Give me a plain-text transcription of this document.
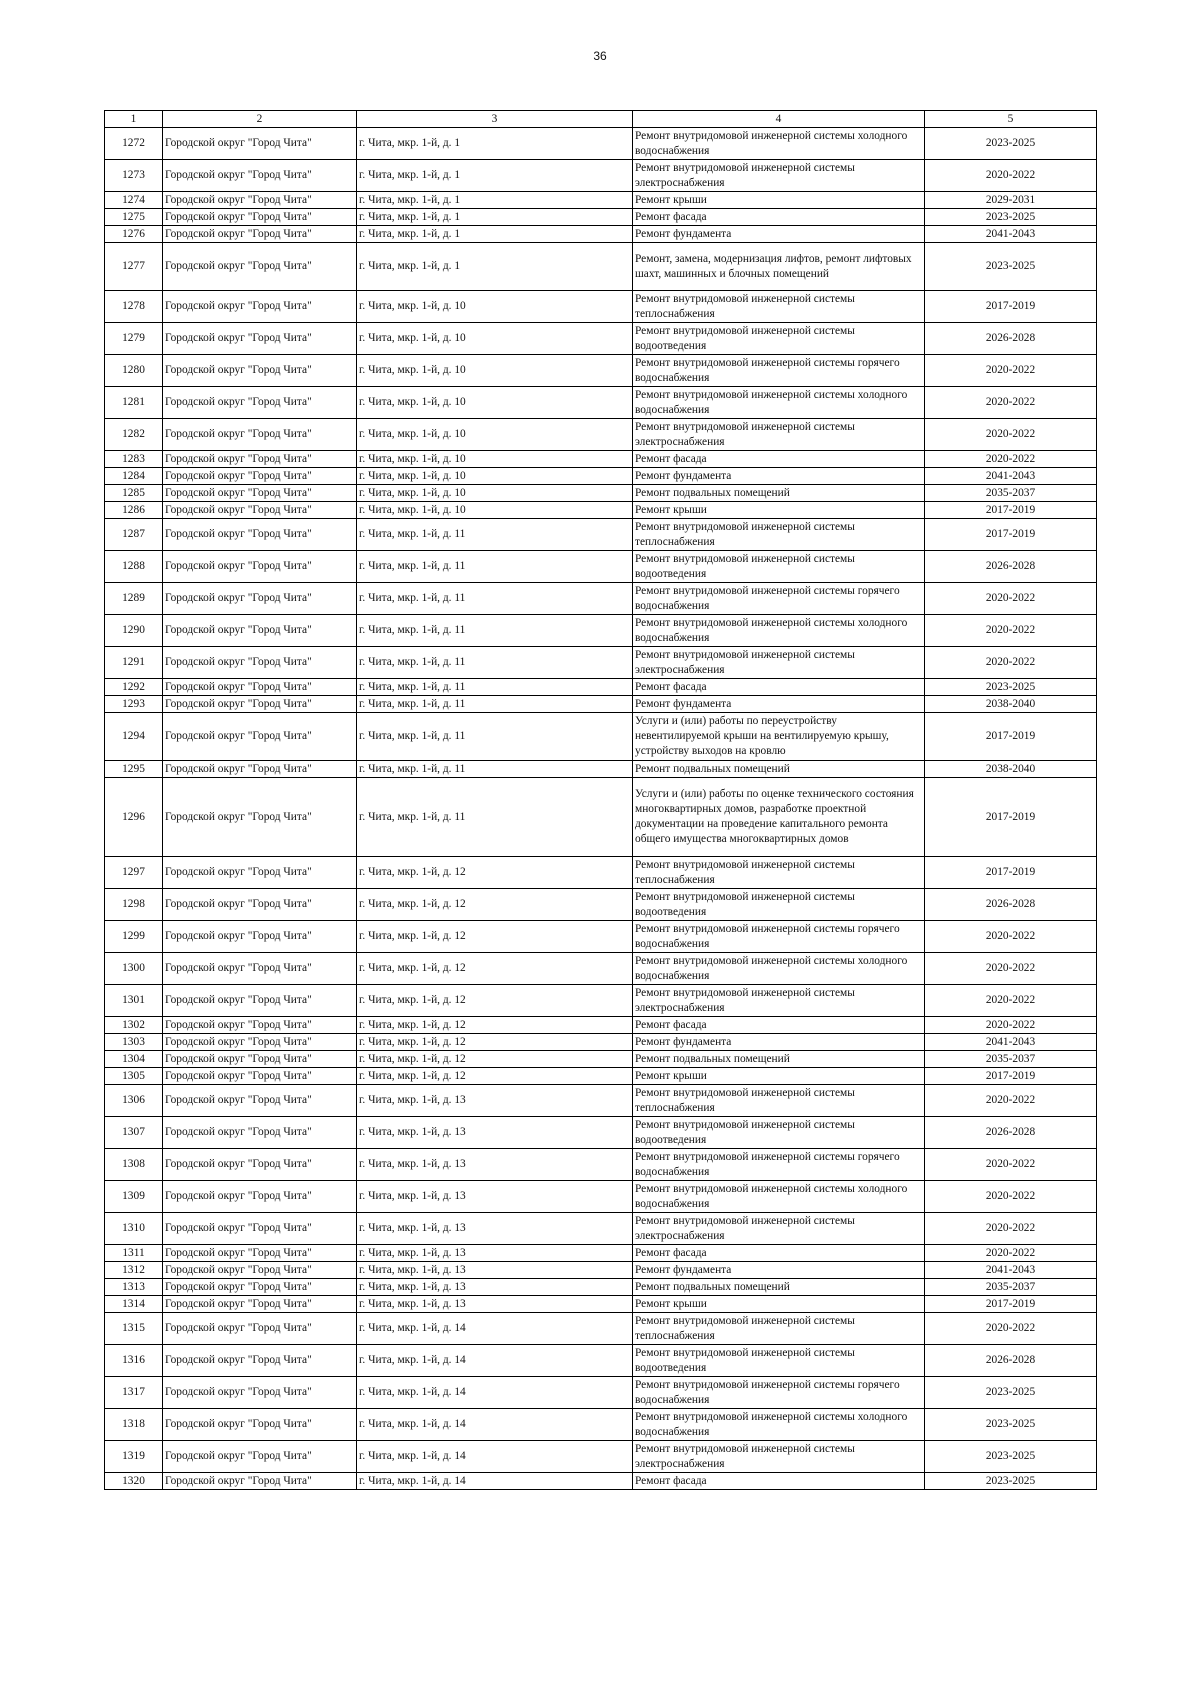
36
1	2	3	4	5
1272	Городской округ "Город Чита"	г. Чита, мкр. 1-й, д. 1	Ремонт внутридомовой инженерной системы холодного водоснабжения	2023-2025
1273	Городской округ "Город Чита"	г. Чита, мкр. 1-й, д. 1	Ремонт внутридомовой инженерной системы электроснабжения	2020-2022
1274	Городской округ "Город Чита"	г. Чита, мкр. 1-й, д. 1	Ремонт крыши	2029-2031
1275	Городской округ "Город Чита"	г. Чита, мкр. 1-й, д. 1	Ремонт фасада	2023-2025
1276	Городской округ "Город Чита"	г. Чита, мкр. 1-й, д. 1	Ремонт фундамента	2041-2043
1277	Городской округ "Город Чита"	г. Чита, мкр. 1-й, д. 1	Ремонт, замена, модернизация лифтов, ремонт лифтовых шахт, машинных и блочных помещений	2023-2025
1278	Городской округ "Город Чита"	г. Чита, мкр. 1-й, д. 10	Ремонт внутридомовой инженерной системы теплоснабжения	2017-2019
1279	Городской округ "Город Чита"	г. Чита, мкр. 1-й, д. 10	Ремонт внутридомовой инженерной системы водоотведения	2026-2028
1280	Городской округ "Город Чита"	г. Чита, мкр. 1-й, д. 10	Ремонт внутридомовой инженерной системы горячего водоснабжения	2020-2022
1281	Городской округ "Город Чита"	г. Чита, мкр. 1-й, д. 10	Ремонт внутридомовой инженерной системы холодного водоснабжения	2020-2022
1282	Городской округ "Город Чита"	г. Чита, мкр. 1-й, д. 10	Ремонт внутридомовой инженерной системы электроснабжения	2020-2022
1283	Городской округ "Город Чита"	г. Чита, мкр. 1-й, д. 10	Ремонт фасада	2020-2022
1284	Городской округ "Город Чита"	г. Чита, мкр. 1-й, д. 10	Ремонт фундамента	2041-2043
1285	Городской округ "Город Чита"	г. Чита, мкр. 1-й, д. 10	Ремонт подвальных помещений	2035-2037
1286	Городской округ "Город Чита"	г. Чита, мкр. 1-й, д. 10	Ремонт крыши	2017-2019
1287	Городской округ "Город Чита"	г. Чита, мкр. 1-й, д. 11	Ремонт внутридомовой инженерной системы теплоснабжения	2017-2019
1288	Городской округ "Город Чита"	г. Чита, мкр. 1-й, д. 11	Ремонт внутридомовой инженерной системы водоотведения	2026-2028
1289	Городской округ "Город Чита"	г. Чита, мкр. 1-й, д. 11	Ремонт внутридомовой инженерной системы горячего водоснабжения	2020-2022
1290	Городской округ "Город Чита"	г. Чита, мкр. 1-й, д. 11	Ремонт внутридомовой инженерной системы холодного водоснабжения	2020-2022
1291	Городской округ "Город Чита"	г. Чита, мкр. 1-й, д. 11	Ремонт внутридомовой инженерной системы электроснабжения	2020-2022
1292	Городской округ "Город Чита"	г. Чита, мкр. 1-й, д. 11	Ремонт фасада	2023-2025
1293	Городской округ "Город Чита"	г. Чита, мкр. 1-й, д. 11	Ремонт фундамента	2038-2040
1294	Городской округ "Город Чита"	г. Чита, мкр. 1-й, д. 11	Услуги и (или) работы по переустройству невентилируемой крыши на вентилируемую крышу, устройству выходов на кровлю	2017-2019
1295	Городской округ "Город Чита"	г. Чита, мкр. 1-й, д. 11	Ремонт подвальных помещений	2038-2040
1296	Городской округ "Город Чита"	г. Чита, мкр. 1-й, д. 11	Услуги и (или) работы по оценке технического состояния многоквартирных домов, разработке проектной документации на проведение капитального ремонта общего имущества многоквартирных домов	2017-2019
1297	Городской округ "Город Чита"	г. Чита, мкр. 1-й, д. 12	Ремонт внутридомовой инженерной системы теплоснабжения	2017-2019
1298	Городской округ "Город Чита"	г. Чита, мкр. 1-й, д. 12	Ремонт внутридомовой инженерной системы водоотведения	2026-2028
1299	Городской округ "Город Чита"	г. Чита, мкр. 1-й, д. 12	Ремонт внутридомовой инженерной системы горячего водоснабжения	2020-2022
1300	Городской округ "Город Чита"	г. Чита, мкр. 1-й, д. 12	Ремонт внутридомовой инженерной системы холодного водоснабжения	2020-2022
1301	Городской округ "Город Чита"	г. Чита, мкр. 1-й, д. 12	Ремонт внутридомовой инженерной системы электроснабжения	2020-2022
1302	Городской округ "Город Чита"	г. Чита, мкр. 1-й, д. 12	Ремонт фасада	2020-2022
1303	Городской округ "Город Чита"	г. Чита, мкр. 1-й, д. 12	Ремонт фундамента	2041-2043
1304	Городской округ "Город Чита"	г. Чита, мкр. 1-й, д. 12	Ремонт подвальных помещений	2035-2037
1305	Городской округ "Город Чита"	г. Чита, мкр. 1-й, д. 12	Ремонт крыши	2017-2019
1306	Городской округ "Город Чита"	г. Чита, мкр. 1-й, д. 13	Ремонт внутридомовой инженерной системы теплоснабжения	2020-2022
1307	Городской округ "Город Чита"	г. Чита, мкр. 1-й, д. 13	Ремонт внутридомовой инженерной системы водоотведения	2026-2028
1308	Городской округ "Город Чита"	г. Чита, мкр. 1-й, д. 13	Ремонт внутридомовой инженерной системы горячего водоснабжения	2020-2022
1309	Городской округ "Город Чита"	г. Чита, мкр. 1-й, д. 13	Ремонт внутридомовой инженерной системы холодного водоснабжения	2020-2022
1310	Городской округ "Город Чита"	г. Чита, мкр. 1-й, д. 13	Ремонт внутридомовой инженерной системы электроснабжения	2020-2022
1311	Городской округ "Город Чита"	г. Чита, мкр. 1-й, д. 13	Ремонт фасада	2020-2022
1312	Городской округ "Город Чита"	г. Чита, мкр. 1-й, д. 13	Ремонт фундамента	2041-2043
1313	Городской округ "Город Чита"	г. Чита, мкр. 1-й, д. 13	Ремонт подвальных помещений	2035-2037
1314	Городской округ "Город Чита"	г. Чита, мкр. 1-й, д. 13	Ремонт крыши	2017-2019
1315	Городской округ "Город Чита"	г. Чита, мкр. 1-й, д. 14	Ремонт внутридомовой инженерной системы теплоснабжения	2020-2022
1316	Городской округ "Город Чита"	г. Чита, мкр. 1-й, д. 14	Ремонт внутридомовой инженерной системы водоотведения	2026-2028
1317	Городской округ "Город Чита"	г. Чита, мкр. 1-й, д. 14	Ремонт внутридомовой инженерной системы горячего водоснабжения	2023-2025
1318	Городской округ "Город Чита"	г. Чита, мкр. 1-й, д. 14	Ремонт внутридомовой инженерной системы холодного водоснабжения	2023-2025
1319	Городской округ "Город Чита"	г. Чита, мкр. 1-й, д. 14	Ремонт внутридомовой инженерной системы электроснабжения	2023-2025
1320	Городской округ "Город Чита"	г. Чита, мкр. 1-й, д. 14	Ремонт фасада	2023-2025
